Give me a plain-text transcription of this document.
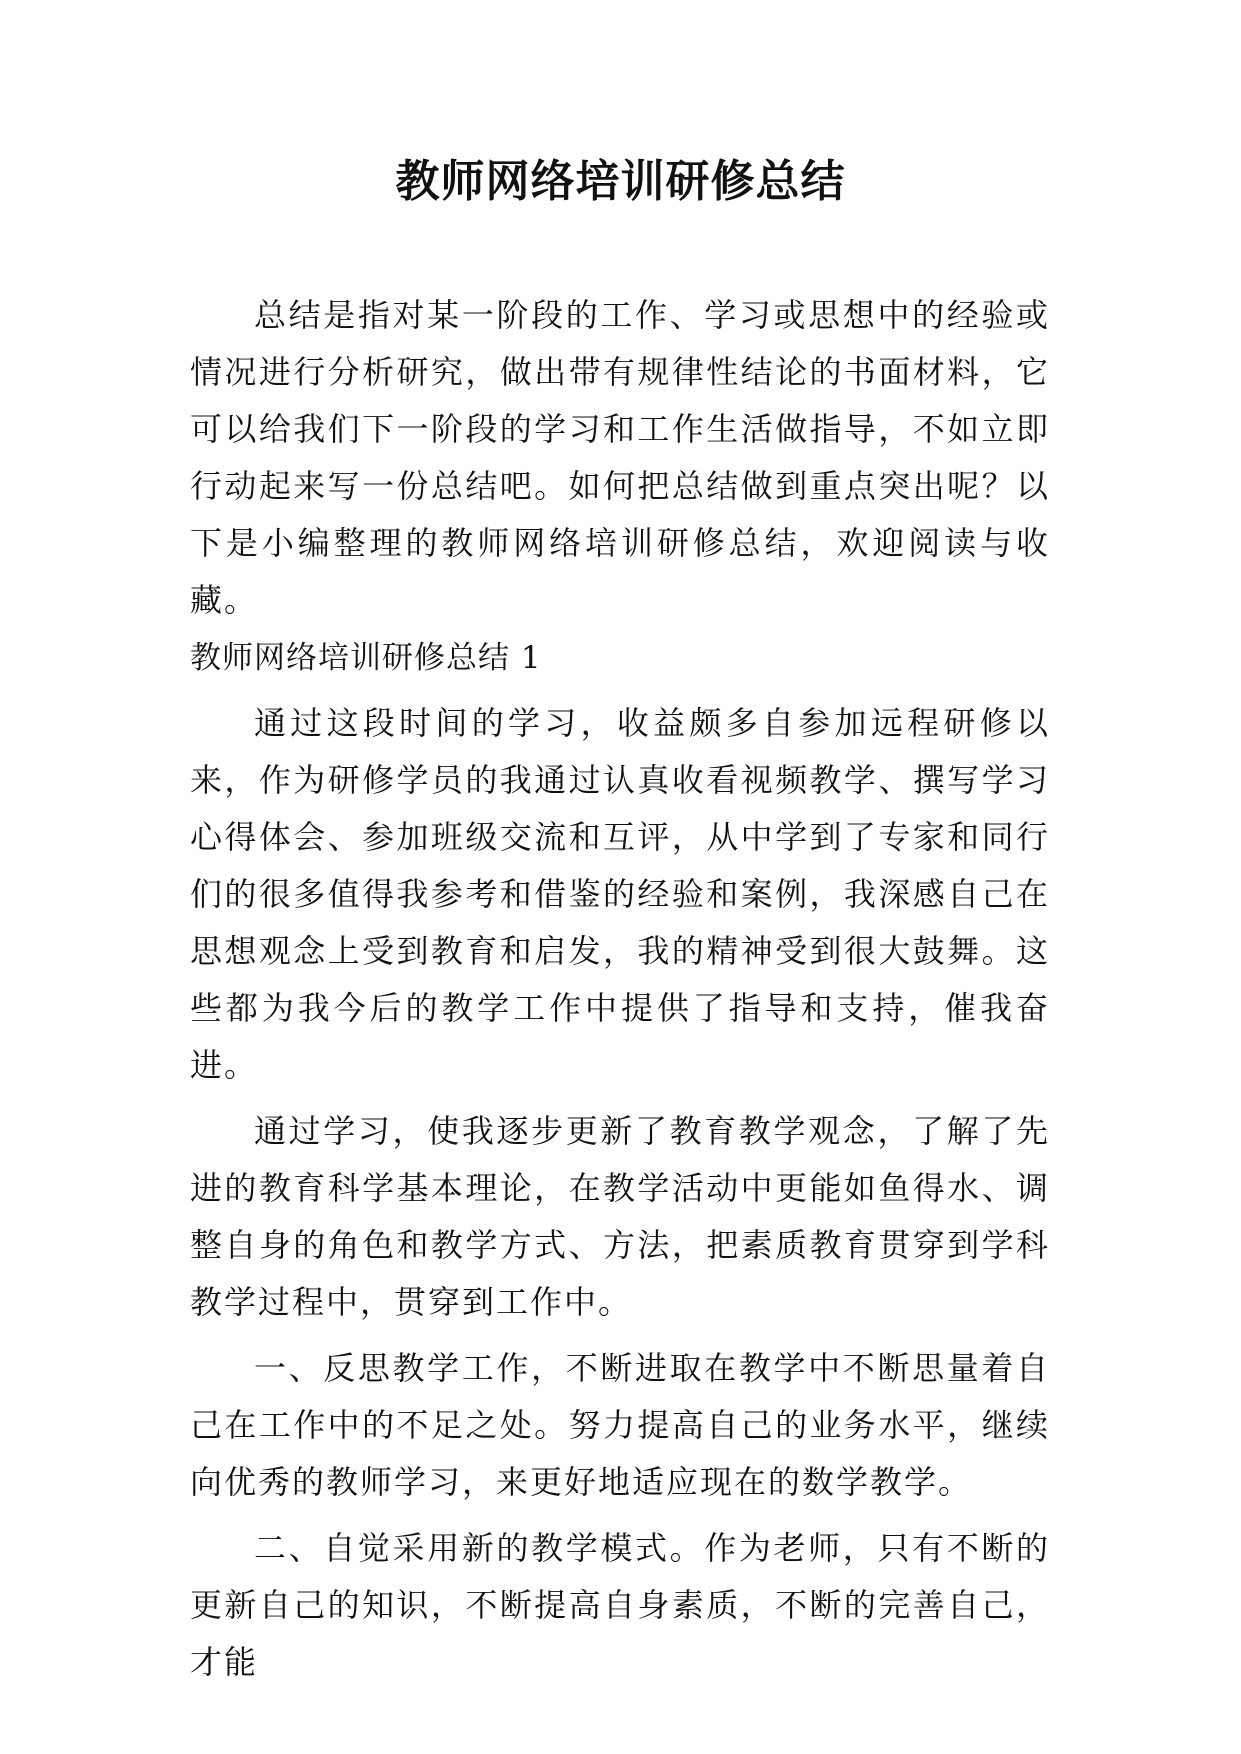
教师网络培训研修总结

总结是指对某一阶段的工作、学习或思想中的经验或情况进行分析研究，做出带有规律性结论的书面材料，它可以给我们下一阶段的学习和工作生活做指导，不如立即行动起来写一份总结吧。如何把总结做到重点突出呢？以下是小编整理的教师网络培训研修总结，欢迎阅读与收藏。

教师网络培训研修总结 1

通过这段时间的学习，收益颇多自参加远程研修以来，作为研修学员的我通过认真收看视频教学、撰写学习心得体会、参加班级交流和互评，从中学到了专家和同行们的很多值得我参考和借鉴的经验和案例，我深感自己在思想观念上受到教育和启发，我的精神受到很大鼓舞。这些都为我今后的教学工作中提供了指导和支持，催我奋进。

通过学习，使我逐步更新了教育教学观念，了解了先进的教育科学基本理论，在教学活动中更能如鱼得水、调整自身的角色和教学方式、方法，把素质教育贯穿到学科教学过程中，贯穿到工作中。

一、反思教学工作，不断进取在教学中不断思量着自己在工作中的不足之处。努力提高自己的业务水平，继续向优秀的教师学习，来更好地适应现在的数学教学。

二、自觉采用新的教学模式。作为老师，只有不断的更新自己的知识，不断提高自身素质，不断的完善自己，才能
